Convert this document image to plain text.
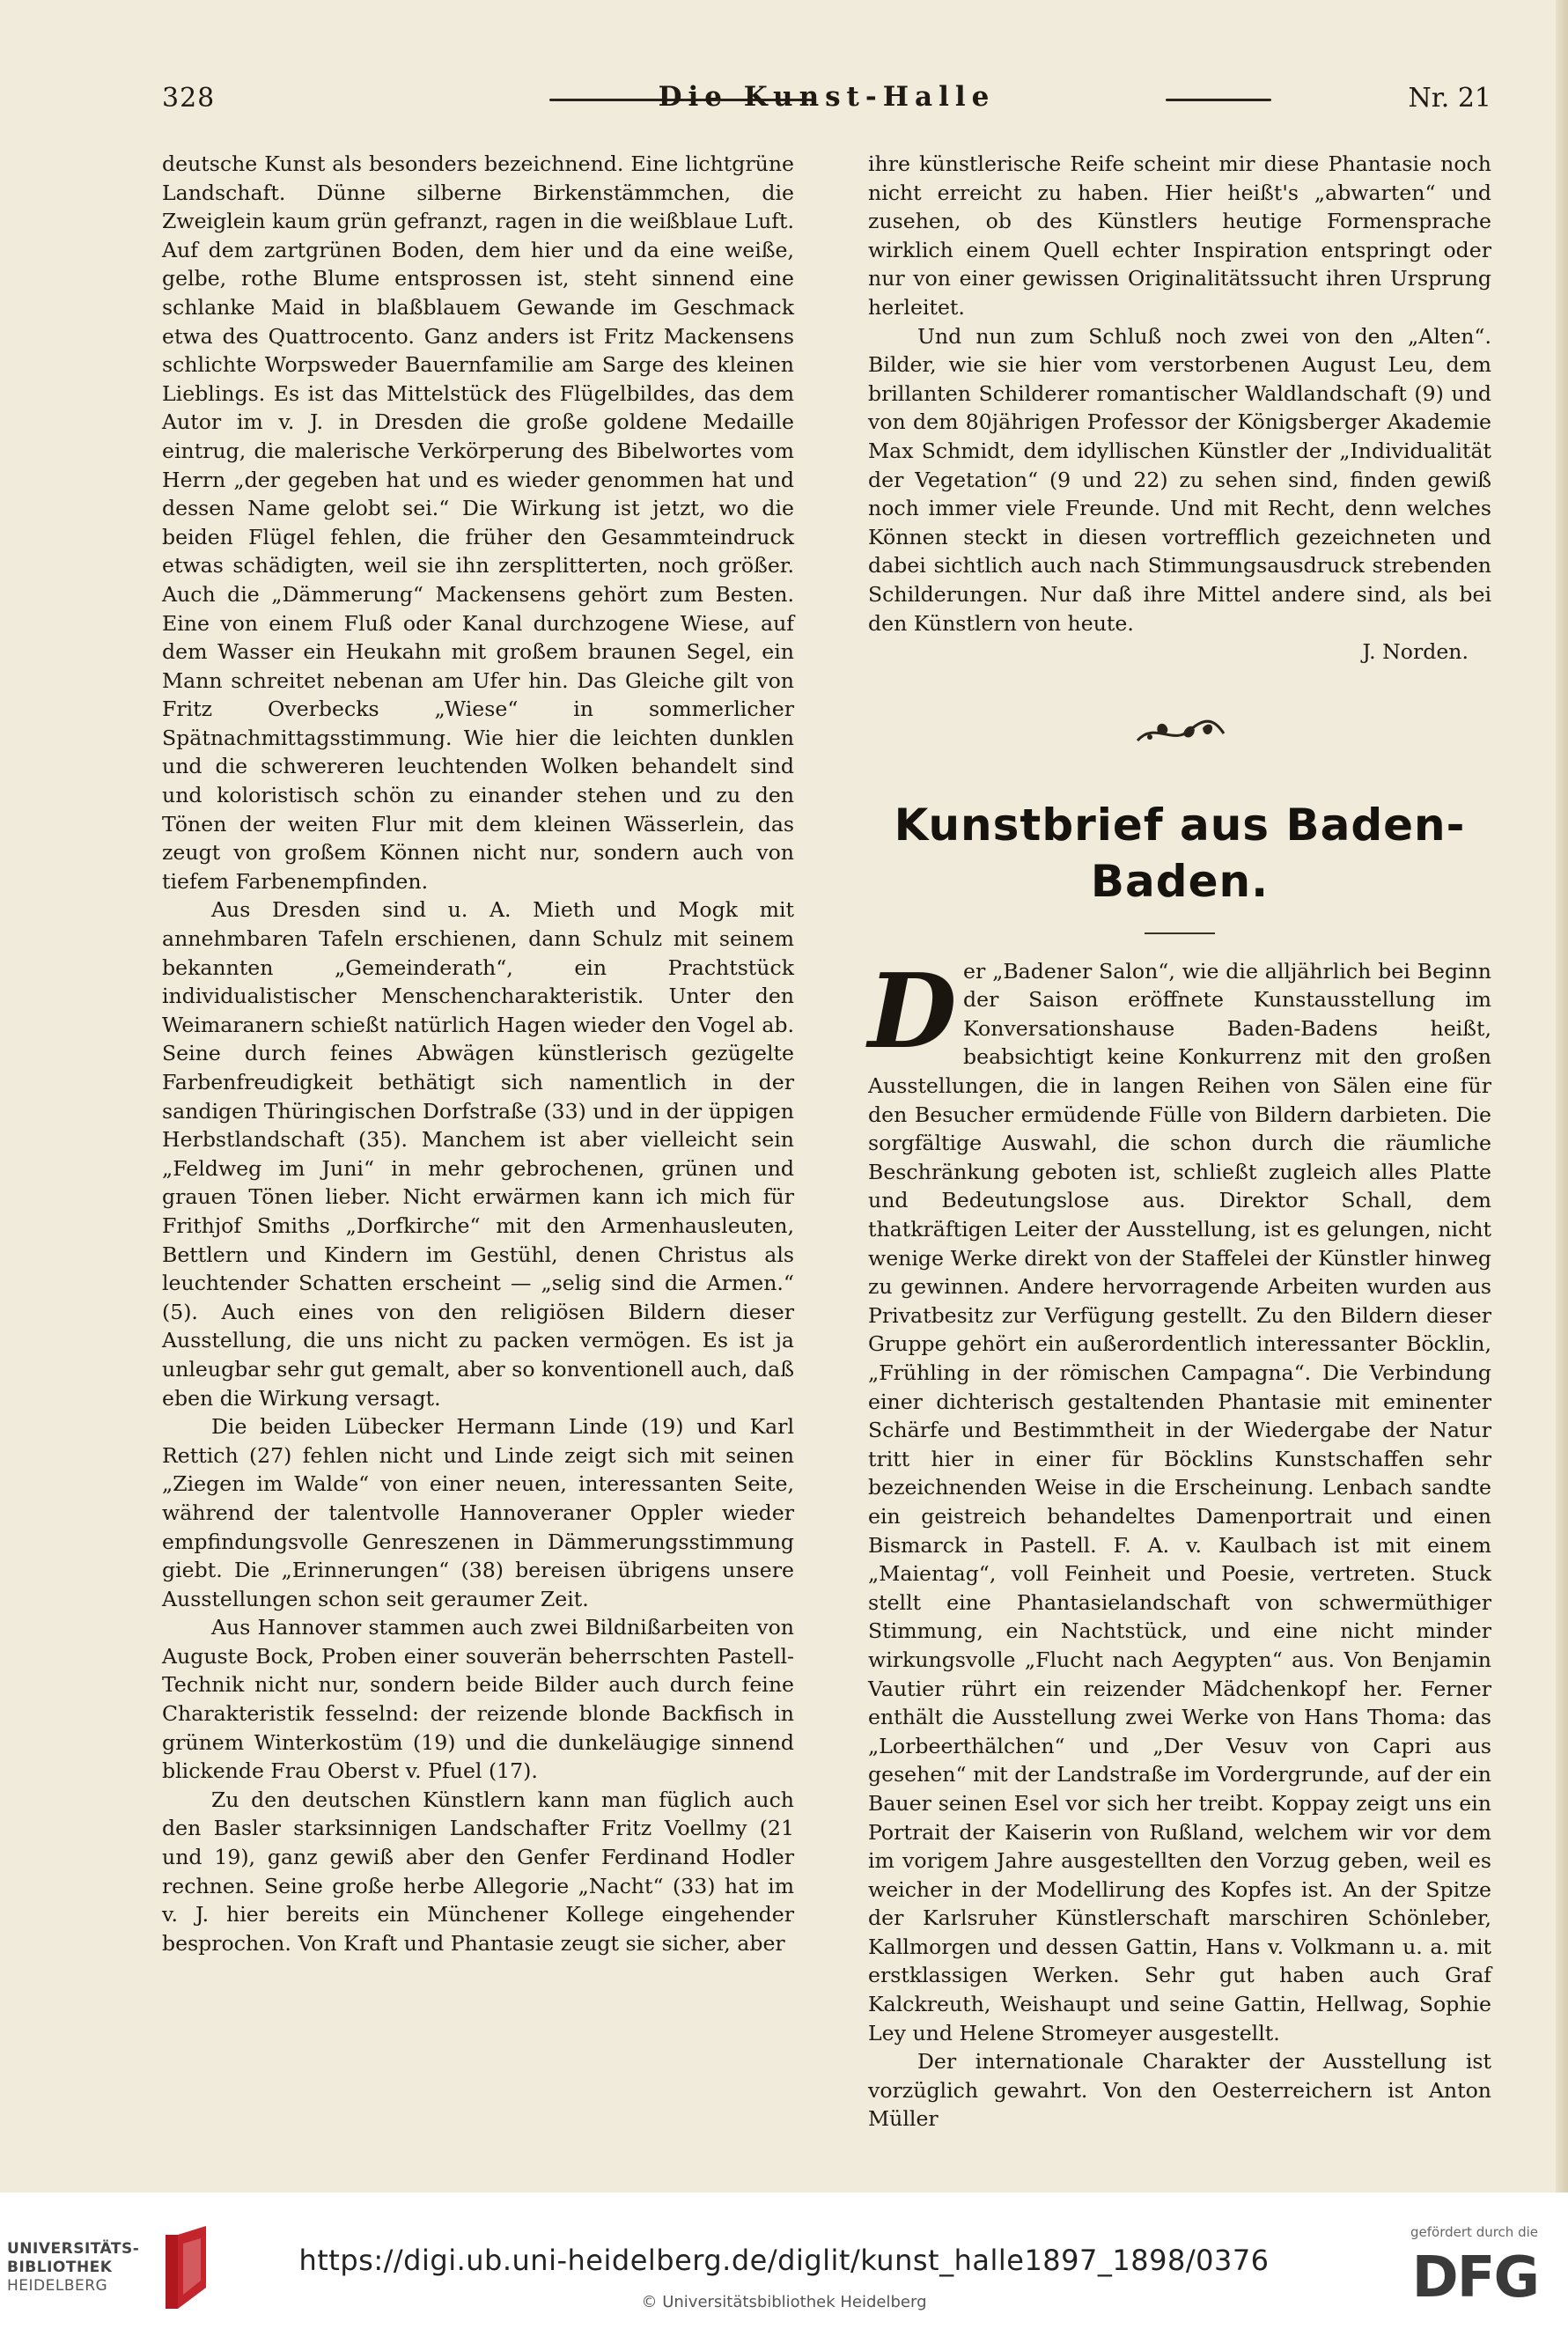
328	Die Kunst-Halle	Nr. 21

deutsche Kunst als besonders bezeichnend. Eine lichtgrüne Landschaft. Dünne silberne Birkenstämmchen, die Zweiglein kaum grün gefranzt, ragen in die weißblaue Luft. Auf dem zartgrünen Boden, dem hier und da eine weiße, gelbe, rothe Blume entsprossen ist, steht sinnend eine schlanke Maid in blaßblauem Gewande im Geschmack etwa des Quattrocento. Ganz anders ist Fritz Mackensens schlichte Worpsweder Bauernfamilie am Sarge des kleinen Lieblings. Es ist das Mittelstück des Flügelbildes, das dem Autor im v. J. in Dresden die große goldene Medaille eintrug, die malerische Verkörperung des Bibelwortes vom Herrn „der gegeben hat und es wieder genommen hat und dessen Name gelobt sei.“ Die Wirkung ist jetzt, wo die beiden Flügel fehlen, die früher den Gesammteindruck etwas schädigten, weil sie ihn zersplitterten, noch größer. Auch die „Dämmerung“ Mackensens gehört zum Besten. Eine von einem Fluß oder Kanal durchzogene Wiese, auf dem Wasser ein Heukahn mit großem braunen Segel, ein Mann schreitet nebenan am Ufer hin. Das Gleiche gilt von Fritz Overbecks „Wiese“ in sommerlicher Spätnachmittagsstimmung. Wie hier die leichten dunklen und die schwereren leuchtenden Wolken behandelt sind und koloristisch schön zu einander stehen und zu den Tönen der weiten Flur mit dem kleinen Wässerlein, das zeugt von großem Können nicht nur, sondern auch von tiefem Farbenempfinden.

Aus Dresden sind u. A. Mieth und Mogk mit annehmbaren Tafeln erschienen, dann Schulz mit seinem bekannten „Gemeinderath“, ein Prachtstück individualistischer Menschencharakteristik. Unter den Weimaranern schießt natürlich Hagen wieder den Vogel ab. Seine durch feines Abwägen künstlerisch gezügelte Farbenfreudigkeit bethätigt sich namentlich in der sandigen Thüringischen Dorfstraße (33) und in der üppigen Herbstlandschaft (35). Manchem ist aber vielleicht sein „Feldweg im Juni“ in mehr gebrochenen, grünen und grauen Tönen lieber. Nicht erwärmen kann ich mich für Frithjof Smiths „Dorfkirche“ mit den Armenhausleuten, Bettlern und Kindern im Gestühl, denen Christus als leuchtender Schatten erscheint — „selig sind die Armen.“ (5). Auch eines von den religiösen Bildern dieser Ausstellung, die uns nicht zu packen vermögen. Es ist ja unleugbar sehr gut gemalt, aber so konventionell auch, daß eben die Wirkung versagt.

Die beiden Lübecker Hermann Linde (19) und Karl Rettich (27) fehlen nicht und Linde zeigt sich mit seinen „Ziegen im Walde“ von einer neuen, interessanten Seite, während der talentvolle Hannoveraner Oppler wieder empfindungsvolle Genreszenen in Dämmerungsstimmung giebt. Die „Erinnerungen“ (38) bereisen übrigens unsere Ausstellungen schon seit geraumer Zeit.

Aus Hannover stammen auch zwei Bildnißarbeiten von Auguste Bock, Proben einer souverän beherrschten Pastell-Technik nicht nur, sondern beide Bilder auch durch feine Charakteristik fesselnd: der reizende blonde Backfisch in grünem Winterkostüm (19) und die dunkeläugige sinnend blickende Frau Oberst v. Pfuel (17).

Zu den deutschen Künstlern kann man füglich auch den Basler starksinnigen Landschafter Fritz Voellmy (21 und 19), ganz gewiß aber den Genfer Ferdinand Hodler rechnen. Seine große herbe Allegorie „Nacht“ (33) hat im v. J. hier bereits ein Münchener Kollege eingehender besprochen. Von Kraft und Phantasie zeugt sie sicher, aber

ihre künstlerische Reife scheint mir diese Phantasie noch nicht erreicht zu haben. Hier heißt's „abwarten“ und zusehen, ob des Künstlers heutige Formensprache wirklich einem Quell echter Inspiration entspringt oder nur von einer gewissen Originalitätssucht ihren Ursprung herleitet.

Und nun zum Schluß noch zwei von den „Alten“. Bilder, wie sie hier vom verstorbenen August Leu, dem brillanten Schilderer romantischer Waldlandschaft (9) und von dem 80jährigen Professor der Königsberger Akademie Max Schmidt, dem idyllischen Künstler der „Individualität der Vegetation“ (9 und 22) zu sehen sind, finden gewiß noch immer viele Freunde. Und mit Recht, denn welches Können steckt in diesen vortrefflich gezeichneten und dabei sichtlich auch nach Stimmungsausdruck strebenden Schilderungen. Nur daß ihre Mittel andere sind, als bei den Künstlern von heute.

J. Norden.

Kunstbrief aus Baden-Baden.

Der „Badener Salon“, wie die alljährlich bei Beginn der Saison eröffnete Kunstausstellung im Konversationshause Baden-Badens heißt, beabsichtigt keine Konkurrenz mit den großen Ausstellungen, die in langen Reihen von Sälen eine für den Besucher ermüdende Fülle von Bildern darbieten. Die sorgfältige Auswahl, die schon durch die räumliche Beschränkung geboten ist, schließt zugleich alles Platte und Bedeutungslose aus. Direktor Schall, dem thatkräftigen Leiter der Ausstellung, ist es gelungen, nicht wenige Werke direkt von der Staffelei der Künstler hinweg zu gewinnen. Andere hervorragende Arbeiten wurden aus Privatbesitz zur Verfügung gestellt. Zu den Bildern dieser Gruppe gehört ein außerordentlich interessanter Böcklin, „Frühling in der römischen Campagna“. Die Verbindung einer dichterisch gestaltenden Phantasie mit eminenter Schärfe und Bestimmtheit in der Wiedergabe der Natur tritt hier in einer für Böcklins Kunstschaffen sehr bezeichnenden Weise in die Erscheinung. Lenbach sandte ein geistreich behandeltes Damenportrait und einen Bismarck in Pastell. F. A. v. Kaulbach ist mit einem „Maientag“, voll Feinheit und Poesie, vertreten. Stuck stellt eine Phantasielandschaft von schwermüthiger Stimmung, ein Nachtstück, und eine nicht minder wirkungsvolle „Flucht nach Aegypten“ aus. Von Benjamin Vautier rührt ein reizender Mädchenkopf her. Ferner enthält die Ausstellung zwei Werke von Hans Thoma: das „Lorbeerthälchen“ und „Der Vesuv von Capri aus gesehen“ mit der Landstraße im Vordergrunde, auf der ein Bauer seinen Esel vor sich her treibt. Koppay zeigt uns ein Portrait der Kaiserin von Rußland, welchem wir vor dem im vorigem Jahre ausgestellten den Vorzug geben, weil es weicher in der Modellirung des Kopfes ist. An der Spitze der Karlsruher Künstlerschaft marschiren Schönleber, Kallmorgen und dessen Gattin, Hans v. Volkmann u. a. mit erstklassigen Werken. Sehr gut haben auch Graf Kalckreuth, Weishaupt und seine Gattin, Hellwag, Sophie Ley und Helene Stromeyer ausgestellt.

Der internationale Charakter der Ausstellung ist vorzüglich gewahrt. Von den Oesterreichern ist Anton Müller

UNIVERSITÄTS-
BIBLIOTHEK
HEIDELBERG
https://digi.ub.uni-heidelberg.de/diglit/kunst_halle1897_1898/0376
© Universitätsbibliothek Heidelberg
gefördert durch die
DFG
